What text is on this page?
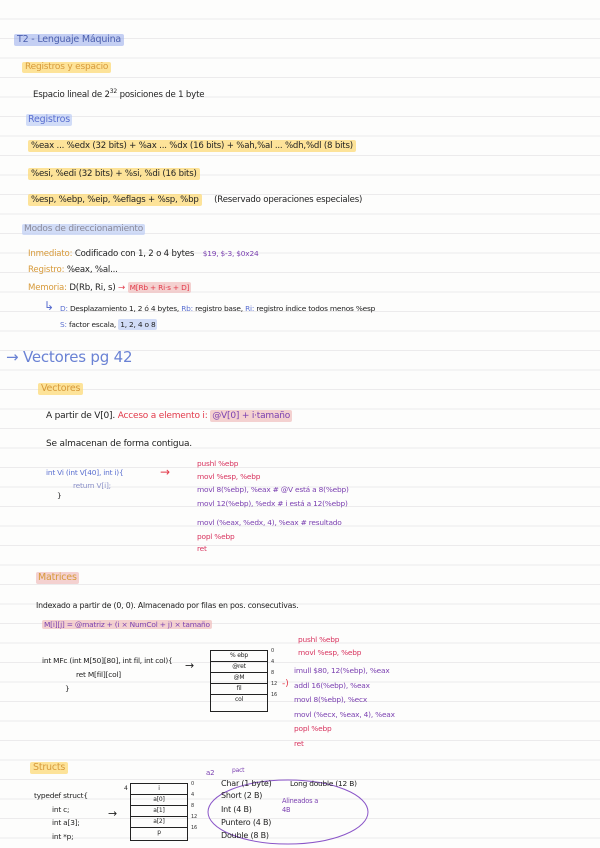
T2 - Lenguaje Máquina
Registros y espacio
Espacio lineal de $2^{32}$ posiciones de 1 byte
Registros
%eax ... %edx (32 bits) + %ax ... %dx (16 bits) + %ah,%al ... %dh,%dl (8 bits)
%esi, %edi (32 bits) + %si, %di (16 bits)
%esp, %ebp, %eip, %eflags + %sp, %bp (Reservado operaciones especiales)
Modos de direccionamiento
Inmediato: Codificado con 1, 2 o 4 bytes $19, $-3, $0x24
Registro: %eax, %al...
Memoria: D(Rb, Ri, s) → M[Rb + Ri·s + D]
↳ D: Desplazamiento 1, 2 ó 4 bytes, Rb: registro base, Ri: registro índice todos menos %esp
S: factor escala, 1, 2, 4 o 8
→ Vectores pg 42
Vectores
A partir de V[0]. Acceso a elemento i: @V[0] + i·tamaño
Se almacenan de forma contigua.
int Vi (int V[40], int i){
return V[i];
}
→
pushl %ebp
movl %esp, %ebp
movl 8(%ebp), %eax # @V está a 8(%ebp)
movl 12(%ebp), %edx # i está a 12(%ebp)
movl (%eax, %edx, 4), %eax # resultado
popl %ebp
ret
Matrices
Indexado a partir de (0, 0). Almacenado por filas en pos. consecutivas.
M[i][j] = @matriz + (i × NumCol + j) × tamaño
int MFc (int M[50][80], int fil, int col){
ret M[fil][col]
}
→
% ebp
@ret
@M
fil
col
0
4
8
12
16
-)
pushl %ebp
movl %esp, %ebp
imull $80, 12(%ebp), %eax
addl 16(%ebp), %eax
movl 8(%ebp), %ecx
movl (%ecx, %eax, 4), %eax
popl %ebp
ret
Structs
typedef struct{
int c;
int a[3];
int *p;
4
→
i
a[0]
a[1]
a[2]
p
0
4
8
12
16
a2	pact
Char (1 byte)
Short (2 B)
Int (4 B)
Puntero (4 B)
Double (8 B)
Long double (12 B)
Alineados a 4B
